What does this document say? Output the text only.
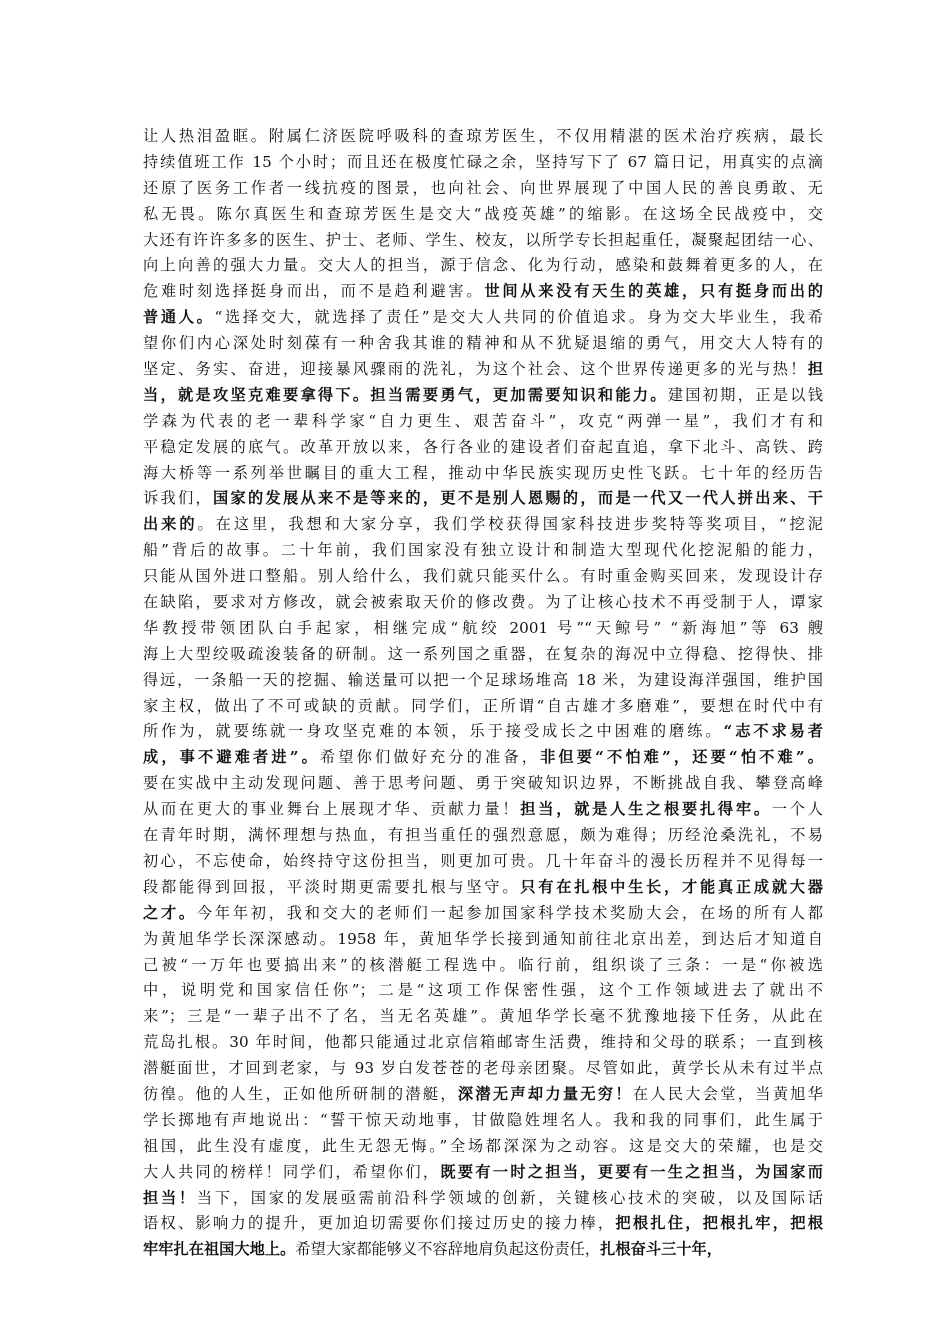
让人热泪盈眶。附属仁济医院呼吸科的查琼芳医生，不仅用精湛的医术治疗疾病，最长
持续值班工作 15 个小时；而且还在极度忙碌之余，坚持写下了 67 篇日记，用真实的点滴
还原了医务工作者一线抗疫的图景，也向社会、向世界展现了中国人民的善良勇敢、无
私无畏。陈尔真医生和查琼芳医生是交大“战疫英雄”的缩影。在这场全民战疫中，交
大还有许许多多的医生、护士、老师、学生、校友，以所学专长担起重任，凝聚起团结一心、
向上向善的强大力量。交大人的担当，源于信念、化为行动，感染和鼓舞着更多的人，在
危难时刻选择挺身而出，而不是趋利避害。世间从来没有天生的英雄，只有挺身而出的
普通人。“选择交大，就选择了责任”是交大人共同的价值追求。身为交大毕业生，我希
望你们内心深处时刻葆有一种舍我其谁的精神和从不犹疑退缩的勇气，用交大人特有的
坚定、务实、奋进，迎接暴风骤雨的洗礼，为这个社会、这个世界传递更多的光与热！担
当，就是攻坚克难要拿得下。担当需要勇气，更加需要知识和能力。建国初期，正是以钱
学森为代表的老一辈科学家“自力更生、艰苦奋斗”，攻克“两弹一星”，我们才有和
平稳定发展的底气。改革开放以来，各行各业的建设者们奋起直追，拿下北斗、高铁、跨
海大桥等一系列举世瞩目的重大工程，推动中华民族实现历史性飞跃。七十年的经历告
诉我们，国家的发展从来不是等来的，更不是别人恩赐的，而是一代又一代人拼出来、干
出来的。在这里，我想和大家分享，我们学校获得国家科技进步奖特等奖项目，“挖泥
船”背后的故事。二十年前，我们国家没有独立设计和制造大型现代化挖泥船的能力，
只能从国外进口整船。别人给什么，我们就只能买什么。有时重金购买回来，发现设计存
在缺陷，要求对方修改，就会被索取天价的修改费。为了让核心技术不再受制于人，谭家
华教授带领团队白手起家，相继完成“航绞 2001 号”“天鲸号” “新海旭”等 63 艘
海上大型绞吸疏浚装备的研制。这一系列国之重器，在复杂的海况中立得稳、挖得快、排
得远，一条船一天的挖掘、输送量可以把一个足球场堆高 18 米，为建设海洋强国，维护国
家主权，做出了不可或缺的贡献。同学们，正所谓“自古雄才多磨难”，要想在时代中有
所作为，就要练就一身攻坚克难的本领，乐于接受成长之中困难的磨练。“志不求易者
成，事不避难者进”。希望你们做好充分的准备，非但要“不怕难”，还要“怕不难”。
要在实战中主动发现问题、善于思考问题、勇于突破知识边界，不断挑战自我、攀登高峰
从而在更大的事业舞台上展现才华、贡献力量！担当，就是人生之根要扎得牢。一个人
在青年时期，满怀理想与热血，有担当重任的强烈意愿，颇为难得；历经沧桑洗礼，不易
初心，不忘使命，始终持守这份担当，则更加可贵。几十年奋斗的漫长历程并不见得每一
段都能得到回报，平淡时期更需要扎根与坚守。只有在扎根中生长，才能真正成就大器
之才。今年年初，我和交大的老师们一起参加国家科学技术奖励大会，在场的所有人都
为黄旭华学长深深感动。1958 年，黄旭华学长接到通知前往北京出差，到达后才知道自
己被“一万年也要搞出来”的核潜艇工程选中。临行前，组织谈了三条：一是“你被选
中，说明党和国家信任你”；二是“这项工作保密性强，这个工作领域进去了就出不
来”；三是“一辈子出不了名，当无名英雄”。黄旭华学长毫不犹豫地接下任务，从此在
荒岛扎根。30 年时间，他都只能通过北京信箱邮寄生活费，维持和父母的联系；一直到核
潜艇面世，才回到老家，与 93 岁白发苍苍的老母亲团聚。尽管如此，黄学长从未有过半点
彷徨。他的人生，正如他所研制的潜艇，深潜无声却力量无穷！在人民大会堂，当黄旭华
学长掷地有声地说出：“誓干惊天动地事，甘做隐姓埋名人。我和我的同事们，此生属于
祖国，此生没有虚度，此生无怨无悔。”全场都深深为之动容。这是交大的荣耀，也是交
大人共同的榜样！同学们，希望你们，既要有一时之担当，更要有一生之担当，为国家而
担当！当下，国家的发展亟需前沿科学领域的创新，关键核心技术的突破，以及国际话
语权、影响力的提升，更加迫切需要你们接过历史的接力棒，把根扎住，把根扎牢，把根
牢牢扎在祖国大地上。希望大家都能够义不容辞地肩负起这份责任，扎根奋斗三十年，
